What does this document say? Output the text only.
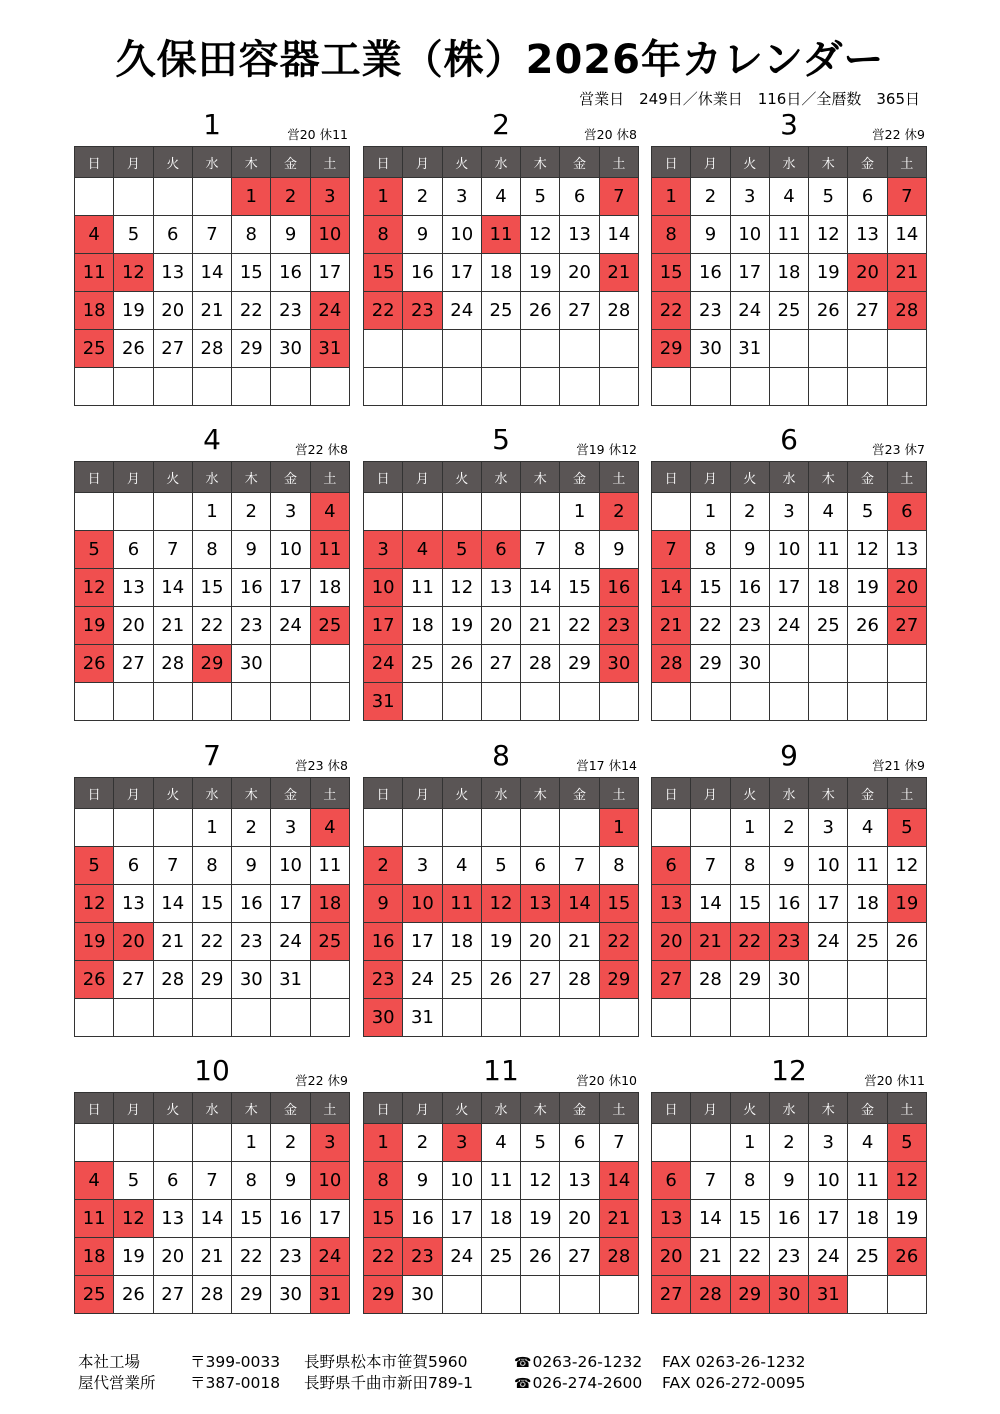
久保田容器工業（株）2026年カレンダー
営業日　249日／休業日　116日／全暦数　365日
1	営20 休11
日	月	火	水	木	金	土
				1	2	3
4	5	6	7	8	9	10
11	12	13	14	15	16	17
18	19	20	21	22	23	24
25	26	27	28	29	30	31

2	営20 休8
日	月	火	水	木	金	土
1	2	3	4	5	6	7
8	9	10	11	12	13	14
15	16	17	18	19	20	21
22	23	24	25	26	27	28

3	営22 休9
日	月	火	水	木	金	土
1	2	3	4	5	6	7
8	9	10	11	12	13	14
15	16	17	18	19	20	21
22	23	24	25	26	27	28
29	30	31				

4	営22 休8
日	月	火	水	木	金	土
			1	2	3	4
5	6	7	8	9	10	11
12	13	14	15	16	17	18
19	20	21	22	23	24	25
26	27	28	29	30		

5	営19 休12
日	月	火	水	木	金	土
					1	2
3	4	5	6	7	8	9
10	11	12	13	14	15	16
17	18	19	20	21	22	23
24	25	26	27	28	29	30
31						
6	営23 休7
日	月	火	水	木	金	土
	1	2	3	4	5	6
7	8	9	10	11	12	13
14	15	16	17	18	19	20
21	22	23	24	25	26	27
28	29	30				

7	営23 休8
日	月	火	水	木	金	土
			1	2	3	4
5	6	7	8	9	10	11
12	13	14	15	16	17	18
19	20	21	22	23	24	25
26	27	28	29	30	31	

8	営17 休14
日	月	火	水	木	金	土
						1
2	3	4	5	6	7	8
9	10	11	12	13	14	15
16	17	18	19	20	21	22
23	24	25	26	27	28	29
30	31					
9	営21 休9
日	月	火	水	木	金	土
		1	2	3	4	5
6	7	8	9	10	11	12
13	14	15	16	17	18	19
20	21	22	23	24	25	26
27	28	29	30			

10	営22 休9
日	月	火	水	木	金	土
				1	2	3
4	5	6	7	8	9	10
11	12	13	14	15	16	17
18	19	20	21	22	23	24
25	26	27	28	29	30	31
11	営20 休10
日	月	火	水	木	金	土
1	2	3	4	5	6	7
8	9	10	11	12	13	14
15	16	17	18	19	20	21
22	23	24	25	26	27	28
29	30					
12	営20 休11
日	月	火	水	木	金	土
		1	2	3	4	5
6	7	8	9	10	11	12
13	14	15	16	17	18	19
20	21	22	23	24	25	26
27	28	29	30	31		
本社工場	〒399-0033 長野県松本市笹賀5960	☎0263-26-1232 FAX 0263-26-1232
屋代営業所 〒387-0018 長野県千曲市新田789-1	☎026-274-2600 FAX 026-272-0095
